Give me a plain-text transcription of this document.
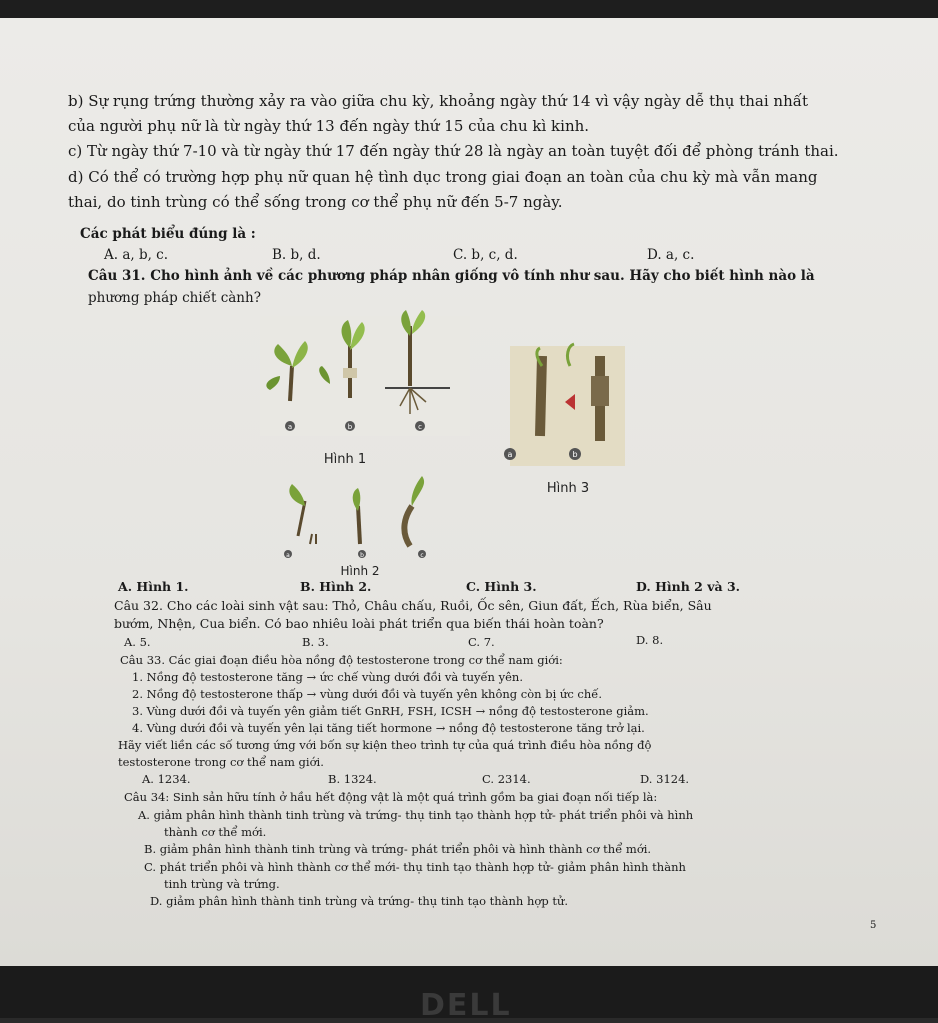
b) Sự rụng trứng thường xảy ra vào giữa chu kỳ, khoảng ngày thứ 14 vì vậy ngày dễ thụ thai nhất
của người phụ nữ là từ ngày thứ 13 đến ngày thứ 15 của chu kì kinh.
c) Từ ngày thứ 7-10 và từ ngày thứ 17 đến ngày thứ 28 là ngày an toàn tuyệt đối để phòng tránh thai.
d) Có thể có trường hợp phụ nữ quan hệ tình dục trong giai đoạn an toàn của chu kỳ mà vẫn mang
thai, do tinh trùng có thể sống trong cơ thể phụ nữ đến 5-7 ngày.
Các phát biểu đúng là :
A. a, b, c.	B. b, d.	C. b, c, d.	D. a, c.
Câu 31. Cho hình ảnh về các phương pháp nhân giống vô tính như sau. Hãy cho biết hình nào là
phương pháp chiết cành?
a	b	c
Hình 1	a	b
Hình 3
a	b	c
Hình 2
A. Hình 1.	B. Hình 2.	C. Hình 3.	D. Hình 2 và 3.
Câu 32. Cho các loài sinh vật sau: Thỏ, Châu chấu, Ruồi, Ốc sên, Giun đất, Ếch, Rùa biển, Sâu
bướm, Nhện, Cua biển. Có bao nhiêu loài phát triển qua biến thái hoàn toàn?
A. 5.	B. 3.	C. 7.	D. 8.
Câu 33. Các giai đoạn điều hòa nồng độ testosterone trong cơ thể nam giới:
1. Nồng độ testosterone tăng → ức chế vùng dưới đồi và tuyến yên.
2. Nồng độ testosterone thấp → vùng dưới đồi và tuyến yên không còn bị ức chế.
3. Vùng dưới đồi và tuyến yên giảm tiết GnRH, FSH, ICSH → nồng độ testosterone giảm.
4. Vùng dưới đồi và tuyến yên lại tăng tiết hormone → nồng độ testosterone tăng trở lại.
Hãy viết liền các số tương ứng với bốn sự kiện theo trình tự của quá trình điều hòa nồng độ
testosterone trong cơ thể nam giới.
A. 1234.	B. 1324.	C. 2314.	D. 3124.
Câu 34: Sinh sản hữu tính ở hầu hết động vật là một quá trình gồm ba giai đoạn nối tiếp là:
A. giảm phân hình thành tinh trùng và trứng- thụ tinh tạo thành hợp tử- phát triển phôi và hình
thành cơ thể mới.
B. giảm phân hình thành tinh trùng và trứng- phát triển phôi và hình thành cơ thể mới.
C. phát triển phôi và hình thành cơ thể mới- thụ tinh tạo thành hợp tử- giảm phân hình thành
tinh trùng và trứng.
D. giảm phân hình thành tinh trùng và trứng- thụ tinh tạo thành hợp tử.
5
DELL
